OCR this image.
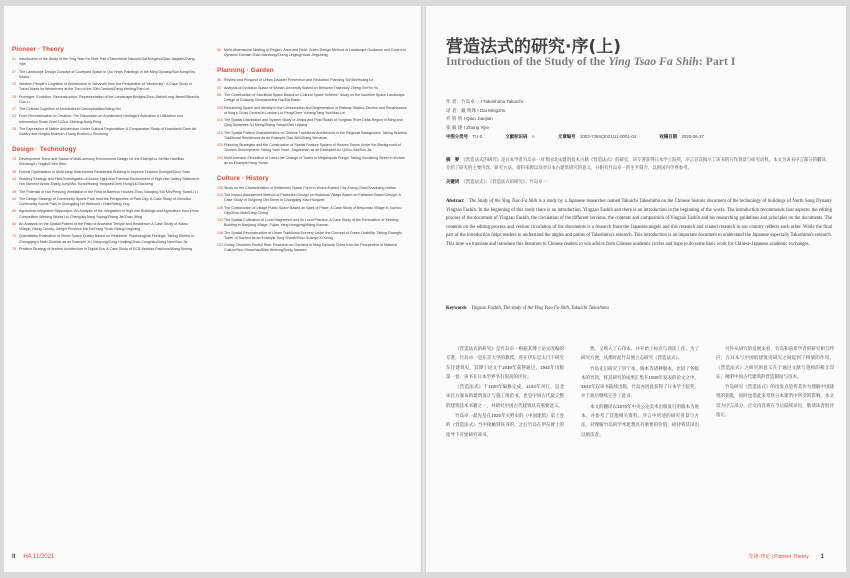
Pioneer · Theory
01 Introduction of the Study of the Ying Tsao Fa Shih: Part I/Takeshima Takuichi Dai Mingzhu/Qiao Jiaojian/Zhang Yijie
07 The Landscape Design Concept of Courtyard Space in Qiu Ying's Paintings in the Ming Dynasty/Sun Kongli/Xu Keshu
12 Western People's Cognition of Architecture in Taihanzhi from the Perspective of "Modernity": A Case Study of Travel Notes by Westerners at the Turn of the 20th Century/Deng Weiting/Tian Lei
19 Prototype, Evolution, Reconstruction: Representation of the Landscape Bridges/Zhou Jiabin/Long Jiewei/Stbacha Guo Li
17 The Cultural Cognition of Architectural Conceptualism/Wang Hui
23 From Reconstruction to Creation: The Discussion on Architecture Heritage's Activation & Utilization and Intervention Scale Chen Li/Zuo Xiuming/Jiang Peng
28 The Expression of Native Architecture Under Cultural Regionalism: A Comparative Study of Kuandashi Cave Art Gallery and Ningbo Museum Zhang Ruolin/Lu Shicheng
Design · Technology
33 Development Trend and Status of Multi-sensory Environment Design for the Elderly/Liu Jie/Nie Hao/Bao Shixiang/Li Yingliu/Chen Wen
38 Formal Optimization of Multi-story Slab-formed Residential Building to Improve Outdoor Sunlight/Zhou Yuan
43 Shading Strategy and Field Investigation of Indoor Light and Thermal Environment of High-rise Gallery Stations in Hot Summer Areas Zhang Junyi/Wu Yuran/Huang Yongwei/Chen Hong/Liu Dacheng
49 The Potential of Hot Pressing Ventilation in the Field of Bamboo Houses Zhou Xiaoqing /Xia Min/Peng Yuan/Li Li
54 The Design Strategy of Community Sports Park from the Perspective of Park City: A Case Study of Xishuiba Community Sports Park in Chongqing Lei Weikun/Li Yinjie/Wang Ying
59 Agriculture-integrated Skyscraper: An Analysis of the Integration of High-rise Buildings and Agriculture from eVolo Competition Winning Works Liu Cheng'an/Jiang Yuying/Zhang Jie/Zhao Jiting
64 An Analysis on the Spatial Pattern of the Patio of Ancestral Temple and Residence: A Case Study of Xiawu Village, Yilong County, Jiangxi Province Ma Kai/Yang Yu/an /Wang Linghang
70 Quantitative Evaluation of Street Space Quality Based on Residents' Psychological Feelings: Taking Streets in Chongqing's Main Districts as an Example Xu Xiaoyong/Cong Huaijing/Zhao Congxiao/Jiang Nan/Xiao Jie
75 Practice Strategy of Ancient Architecture in Digital Era: A Case Study of ECB Beistian Pavilions/Wang Siming
80 Multi-dimensional Nesting of Region, Area and Field: Green Design Method of Landscape Guidance and Control in Dynamic Domain Zhao Mandong/Zheng Lingling/Yuan Jingsheng
Planning · Garden
86 Review and Prospect of Urban Disaster Prevention and Reduction Planning Shi Bin/Huang Le
92 Analysis of Evolution Space of Wuhan University Based on Behavior Trajectory Zheng Xin/Yin Yu
98 The Construction of Sacrificial Space Based on Cultural Space Scheme: Study on the Sacrifice Space Landscape Design of Dulaong Chinyaem/Ma Yue/Dai Banin
104 Reclaiming Space and Identity in the Conservation and Regeneration of Railway Station: Decline and Renaissance of King's Cross Central in London Liu Peng/Chen Yuheng/Tang Yue/Mao Lei
110 The Spatial Distribution and System Study of Jinlips and Post Roads of Yongbao River Delta Region in Ming and Qing Dynasties Su Meng/Zhang Yuhao/Gao Linjiang
116 The Spatial Pattern Characteristics of Chinese Traditional Architecture in the Regional Background: Taking Huizhou Traditional Residences as an Example Gao Wei/Zhang Wenzhan
120 Planning Strategies and the Construction of Spatial Feature System of Historic Towns Under the Background of Tourism Development: Taking Yunli Town, Jingdezhen as an Example/Luo Qi/Gu Jun/Sun Jia
124 Multi-scenario Simulation of Land Use Change of Towns in Megalopolis Fringe: Taking Xiuxiaking Street in Wuhan as an Example/Yang Yunan
Culture · History
130 Study on the Characteristics of Settlement Space Form in Wushi Ancient City Zheng Chao/Shaobang Haitao
134 The Impact Assessment Method of Protection Design on Historical Village Based on Evidence-Based Design: A Case Study of Tongxing Old Street in Chongqing Xiao Hongwei
138 The Construction of Village Public Space Based on Spirit of Place: A Case Study of Beiyuntao Village in Xuzhou City/Zhou Miao/Ding Cheng
143 The Spatial Cultivation of Local Magnetism and Its Local Practice: A Case Study of the Renovation of Xinheng Building in Nanjiang Village, Fujian Yang Hongping/Wang Xiaoran
148 The Spatial Reconstruction of Urban Traditional Scenery Under the Concept of Green Livability: Taking Guangfu Tower of Suzhou as an Example Tong Shaofi/Zhou Guanyu/Xi Xiong
153 Ouhay Chuiwei's Fruitful Rise: Research on Gardens in Ming Dynasty China from the Perspective of Material Culture/Guo Shanzhao/Bian Weitong/Dong Jianwen
II HA 11/2021
营造法式的研究·序(上)
Introduction of the Study of the Ying Tsao Fa Shih: Part I
作 者：竹岛卓一 I Takeshima Takuichi
译 者：戴 明珠 I Dai Mingzhu
乔 娇 娇 I Qiao Jiaojian
张 毅 捷 I Zhang Yijie
中图分类号　 TU-0	文献标识码　 A	文章编号　 1003-739X(2021)11-0001-04	收稿日期　 2020-06-27

摘　要　 《营造法式的研究》是日本学者竹岛卓一对我国北宋建筑技术古籍《营造法式》的研究，该专著获得日本学士院奖，序言首次揭示了该书的写作背景与研究动机。本文为该书序言部分的翻译，介绍了研究的主要内容、研究方法、资料来源以及对日本古建筑研究的意义，并附有竹岛卓一的生平简介，以供国内学界参考。

关键词　 《营造法式》；《营造法式的研究》；竹岛卓一

Abstract　 The Study of the Ying Tsao Fa Shih is a study by a Japanese researcher named Takuichi Takeshima on the Chinese historic document of the technology of buildings of North Song Dynasty Yingzao Fashih. In the beginning of this study there is an introduction. Yingzao Fashih and there is an introduction in the beginning of the works. The introduction recommends four aspects: the editing process of the document of Yingzao Fashih, the circulation of the different versions, the contents and composition of Yingzao Fashih and his researching guidelines and principles on the documents. The contents on the editing process and version circulation of the documents is a research from the Japanese angels and this research and related research in our country reflects each other. While the final part of the introduction helps readers to understand the angles and points of Takeshima's research. This introduction is an important document to understand the Japanese especially Takeshima's research. This time we translate and introduce this literature to Chinese readers to win advice from Chinese academic circles and hope to do some basic work for Chinese-Japanese academic exchanges.

Keywords　 Yingzao Fashih, The study of the Ying Tsao Fa Shih, Takuichi Takeshima

《营造法式的研究》是竹岛卓一根据其博士论文改编的专著，竹岛卓一是东京大学的教授，曾在伊东忠太门下研究东洋建筑史，其博士论文于1939年获得通过，1942年出版第一卷，该书在日本学界享有很高的评价。

《营造法式》于1100年编修完成，1103年刊行，是北宋官方颁布的建筑设计与施工规范书，也是中国古代最完整的建筑技术书籍之一，对研究中国古代建筑具有重要意义。

竹岛卓一最先是在1925年关野贞的《中国建筑》第上卷的《营造法式》当中接触到该书的，之后竹岛在伊东博士的指导下开始研究该书。

然，又购入了石印本，并开始了标点与训读工作。为了研究方便，从那时起竹岛便立志研究《营造法式》。

竹岛先后研究了崇宁本、陶本等诸种版本，比较了各版本的异同，将其研究的成果汇集在1939年发表的论文之中。1942年起该书陆续出版，竹岛亦因此获得了日本学士院奖，并于战后继续完善了此书。

本文的翻译以1970年中央公论美术出版发行的版本为底本，并参考了其他相关资料。序言中所述的研究背景与方法，对理解竹岛的学术思想具有重要的价值，故特将其译出以飨读者。

另外从研究的发展来看，竹岛和前辈学者的研究相互呼应，在日本与中国的建筑史研究之间起到了桥梁的作用。《营造法式》之研究的意义在于通过文献与遗构的相互印证，阐明中国古代建筑的营造制度与技术。

竹岛研究《营造法式》的出发点是将其作为理解中国建筑的钥匙，同时也借此来考察日本建筑中所受的影响。本文仅为序言部分，正文内容将在今后陆续译出，敬请读者批评指正。

先锋·理论 | Pioneer·Theory 1
